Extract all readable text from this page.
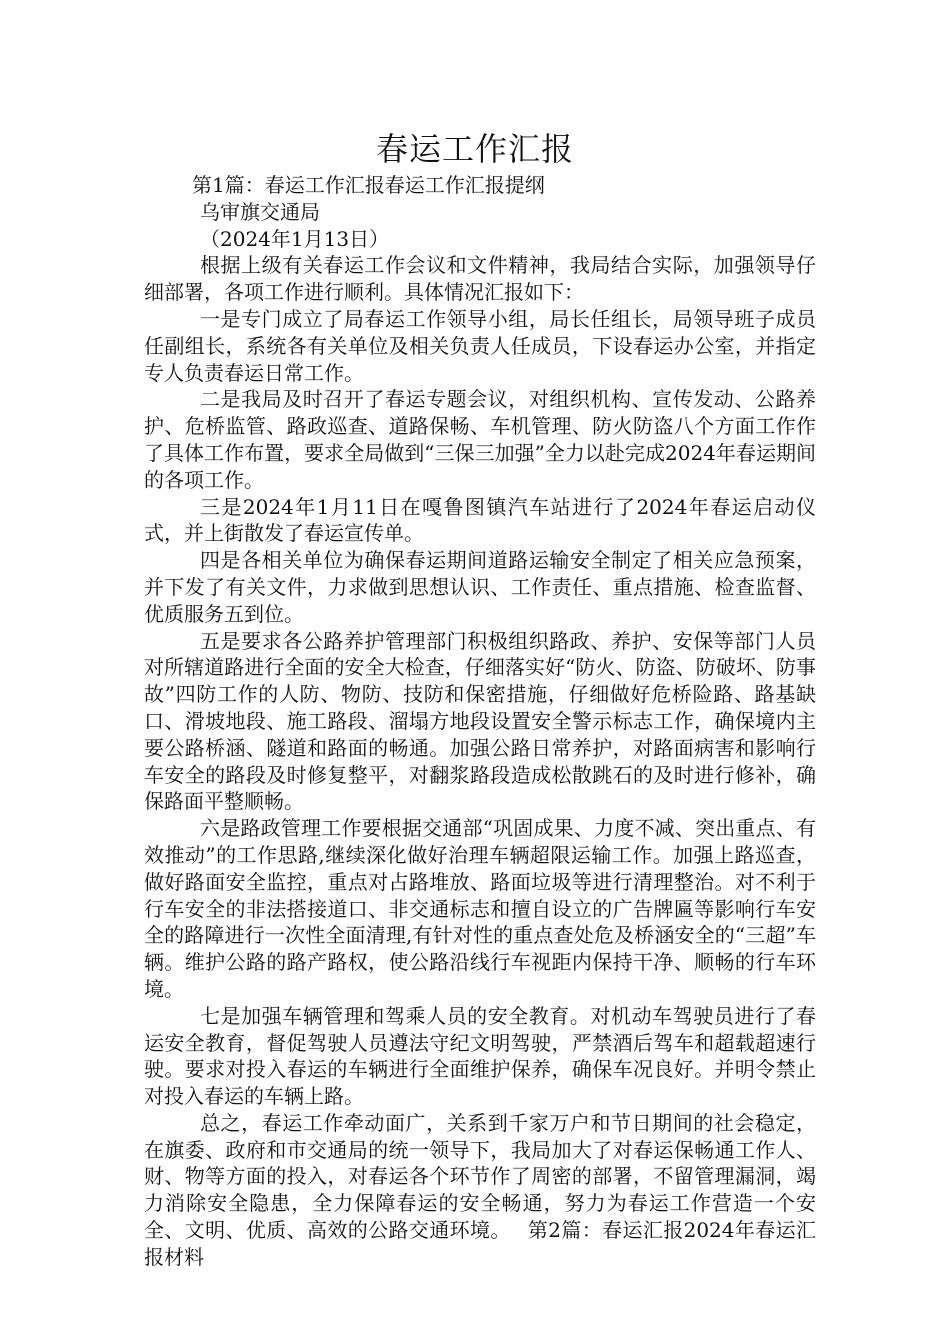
春运工作汇报

第1篇：春运工作汇报春运工作汇报提纲

乌审旗交通局

（2024年1月13日）

根据上级有关春运工作会议和文件精神，我局结合实际，加强领导仔细部署，各项工作进行顺利。具体情况汇报如下：

一是专门成立了局春运工作领导小组，局长任组长，局领导班子成员任副组长，系统各有关单位及相关负责人任成员，下设春运办公室，并指定专人负责春运日常工作。

二是我局及时召开了春运专题会议，对组织机构、宣传发动、公路养护、危桥监管、路政巡查、道路保畅、车机管理、防火防盗八个方面工作作了具体工作布置，要求全局做到“三保三加强”全力以赴完成2024年春运期间的各项工作。

三是2024年1月11日在嘎鲁图镇汽车站进行了2024年春运启动仪式，并上街散发了春运宣传单。

四是各相关单位为确保春运期间道路运输安全制定了相关应急预案，并下发了有关文件，力求做到思想认识、工作责任、重点措施、检查监督、优质服务五到位。

五是要求各公路养护管理部门积极组织路政、养护、安保等部门人员对所辖道路进行全面的安全大检查，仔细落实好“防火、防盗、防破坏、防事故”四防工作的人防、物防、技防和保密措施，仔细做好危桥险路、路基缺口、滑坡地段、施工路段、溜塌方地段设置安全警示标志工作，确保境内主要公路桥涵、隧道和路面的畅通。加强公路日常养护，对路面病害和影响行车安全的路段及时修复整平，对翻浆路段造成松散跳石的及时进行修补，确保路面平整顺畅。

六是路政管理工作要根据交通部“巩固成果、力度不减、突出重点、有效推动”的工作思路,继续深化做好治理车辆超限运输工作。加强上路巡查，做好路面安全监控，重点对占路堆放、路面垃圾等进行清理整治。对不利于行车安全的非法搭接道口、非交通标志和擅自设立的广告牌匾等影响行车安全的路障进行一次性全面清理,有针对性的重点查处危及桥涵安全的“三超”车辆。维护公路的路产路权，使公路沿线行车视距内保持干净、顺畅的行车环境。

七是加强车辆管理和驾乘人员的安全教育。对机动车驾驶员进行了春运安全教育，督促驾驶人员遵法守纪文明驾驶，严禁酒后驾车和超载超速行驶。要求对投入春运的车辆进行全面维护保养，确保车况良好。并明令禁止对投入春运的车辆上路。

总之，春运工作牵动面广，关系到千家万户和节日期间的社会稳定，在旗委、政府和市交通局的统一领导下，我局加大了对春运保畅通工作人、财、物等方面的投入，对春运各个环节作了周密的部署，不留管理漏洞，竭力消除安全隐患，全力保障春运的安全畅通，努力为春运工作营造一个安全、文明、优质、高效的公路交通环境。　 第2篇：春运汇报2024年春运汇报材料
